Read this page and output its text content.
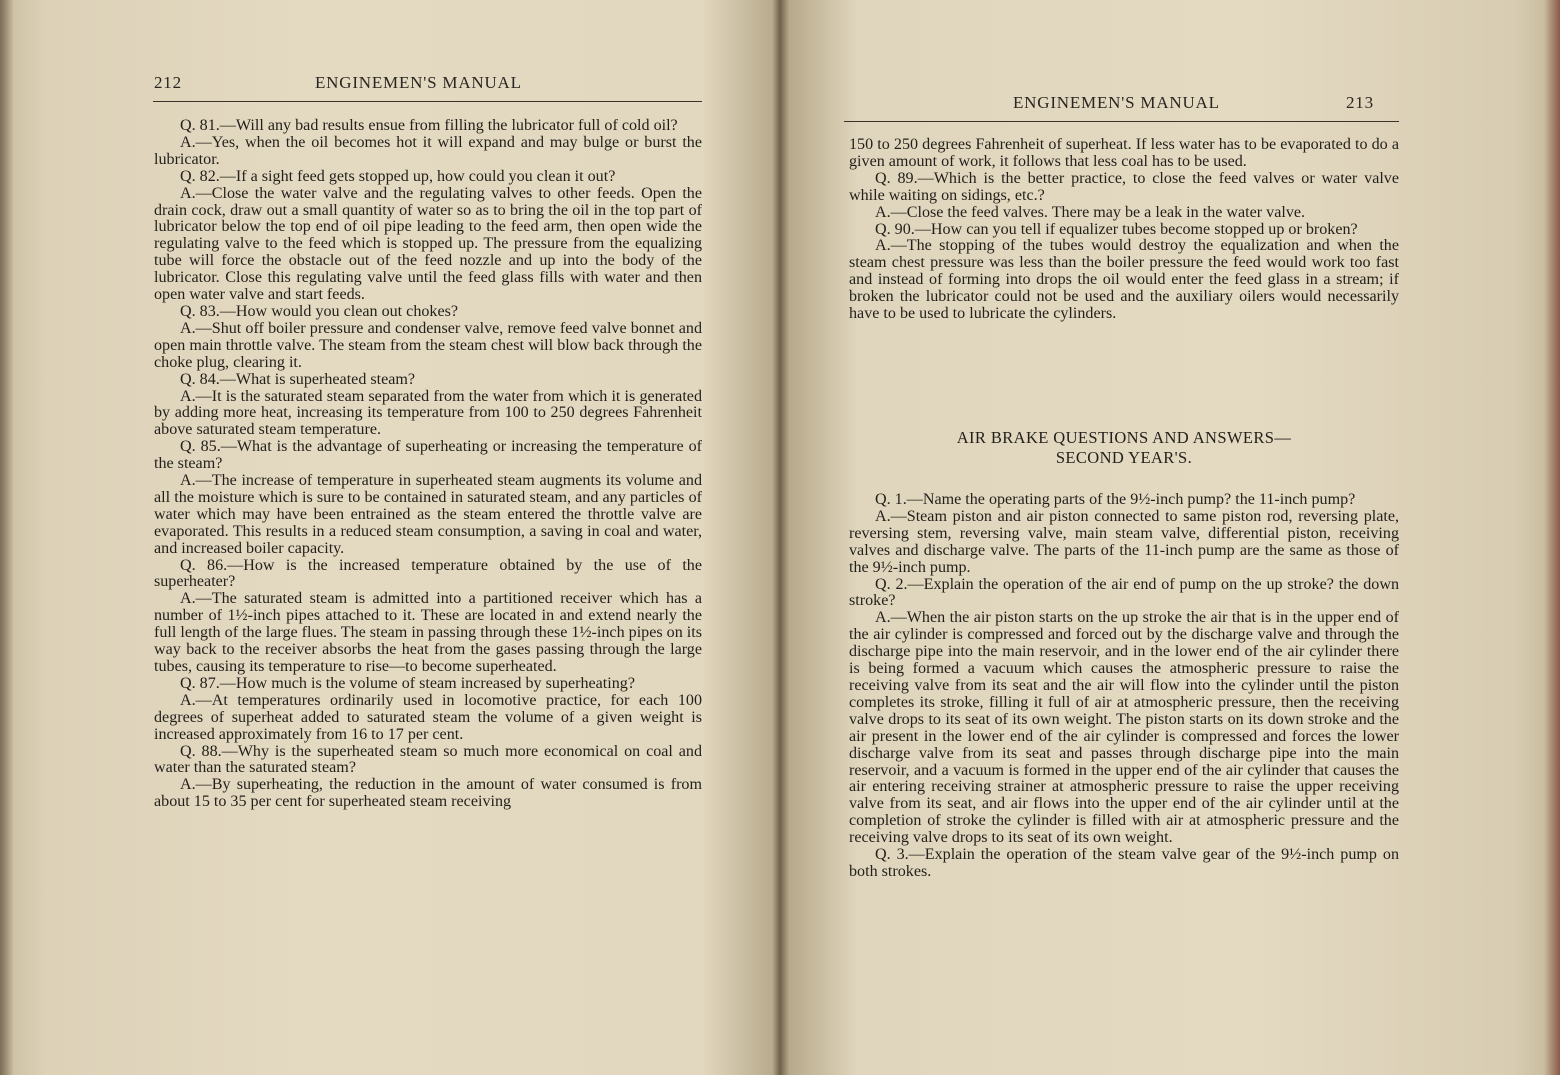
212	ENGINEMEN'S MANUAL

Q. 81.—Will any bad results ensue from filling the lubricator full of cold oil?

A.—Yes, when the oil becomes hot it will expand and may bulge or burst the lubricator.

Q. 82.—If a sight feed gets stopped up, how could you clean it out?

A.—Close the water valve and the regulating valves to other feeds. Open the drain cock, draw out a small quantity of water so as to bring the oil in the top part of lubricator below the top end of oil pipe leading to the feed arm, then open wide the regulating valve to the feed which is stopped up. The pressure from the equalizing tube will force the obstacle out of the feed nozzle and up into the body of the lubricator. Close this regulating valve until the feed glass fills with water and then open water valve and start feeds.

Q. 83.—How would you clean out chokes?

A.—Shut off boiler pressure and condenser valve, remove feed valve bonnet and open main throttle valve. The steam from the steam chest will blow back through the choke plug, clearing it.

Q. 84.—What is superheated steam?

A.—It is the saturated steam separated from the water from which it is generated by adding more heat, increasing its temperature from 100 to 250 degrees Fahrenheit above saturated steam temperature.

Q. 85.—What is the advantage of superheating or increasing the temperature of the steam?

A.—The increase of temperature in superheated steam augments its volume and all the moisture which is sure to be contained in saturated steam, and any particles of water which may have been entrained as the steam entered the throttle valve are evaporated. This results in a reduced steam consumption, a saving in coal and water, and increased boiler capacity.

Q. 86.—How is the increased temperature obtained by the use of the superheater?

A.—The saturated steam is admitted into a partitioned receiver which has a number of 1½-inch pipes attached to it. These are located in and extend nearly the full length of the large flues. The steam in passing through these 1½-inch pipes on its way back to the receiver absorbs the heat from the gases passing through the large tubes, causing its temperature to rise—to become superheated.

Q. 87.—How much is the volume of steam increased by superheating?

A.—At temperatures ordinarily used in locomotive practice, for each 100 degrees of superheat added to saturated steam the volume of a given weight is increased approximately from 16 to 17 per cent.

Q. 88.—Why is the superheated steam so much more economical on coal and water than the saturated steam?

A.—By superheating, the reduction in the amount of water consumed is from about 15 to 35 per cent for superheated steam receiving

ENGINEMEN'S MANUAL	213

150 to 250 degrees Fahrenheit of superheat. If less water has to be evaporated to do a given amount of work, it follows that less coal has to be used.

Q. 89.—Which is the better practice, to close the feed valves or water valve while waiting on sidings, etc.?

A.—Close the feed valves. There may be a leak in the water valve.

Q. 90.—How can you tell if equalizer tubes become stopped up or broken?

A.—The stopping of the tubes would destroy the equalization and when the steam chest pressure was less than the boiler pressure the feed would work too fast and instead of forming into drops the oil would enter the feed glass in a stream; if broken the lubricator could not be used and the auxiliary oilers would necessarily have to be used to lubricate the cylinders.

AIR BRAKE QUESTIONS AND ANSWERS—
SECOND YEAR'S.

Q. 1.—Name the operating parts of the 9½-inch pump? the 11-inch pump?

A.—Steam piston and air piston connected to same piston rod, reversing plate, reversing stem, reversing valve, main steam valve, differential piston, receiving valves and discharge valve. The parts of the 11-inch pump are the same as those of the 9½-inch pump.

Q. 2.—Explain the operation of the air end of pump on the up stroke? the down stroke?

A.—When the air piston starts on the up stroke the air that is in the upper end of the air cylinder is compressed and forced out by the discharge valve and through the discharge pipe into the main reservoir, and in the lower end of the air cylinder there is being formed a vacuum which causes the atmospheric pressure to raise the receiving valve from its seat and the air will flow into the cylinder until the piston completes its stroke, filling it full of air at atmospheric pressure, then the receiving valve drops to its seat of its own weight. The piston starts on its down stroke and the air present in the lower end of the air cylinder is compressed and forces the lower discharge valve from its seat and passes through discharge pipe into the main reservoir, and a vacuum is formed in the upper end of the air cylinder that causes the air entering receiving strainer at atmospheric pressure to raise the upper receiving valve from its seat, and air flows into the upper end of the air cylinder until at the completion of stroke the cylinder is filled with air at atmospheric pressure and the receiving valve drops to its seat of its own weight.

Q. 3.—Explain the operation of the steam valve gear of the 9½-inch pump on both strokes.
